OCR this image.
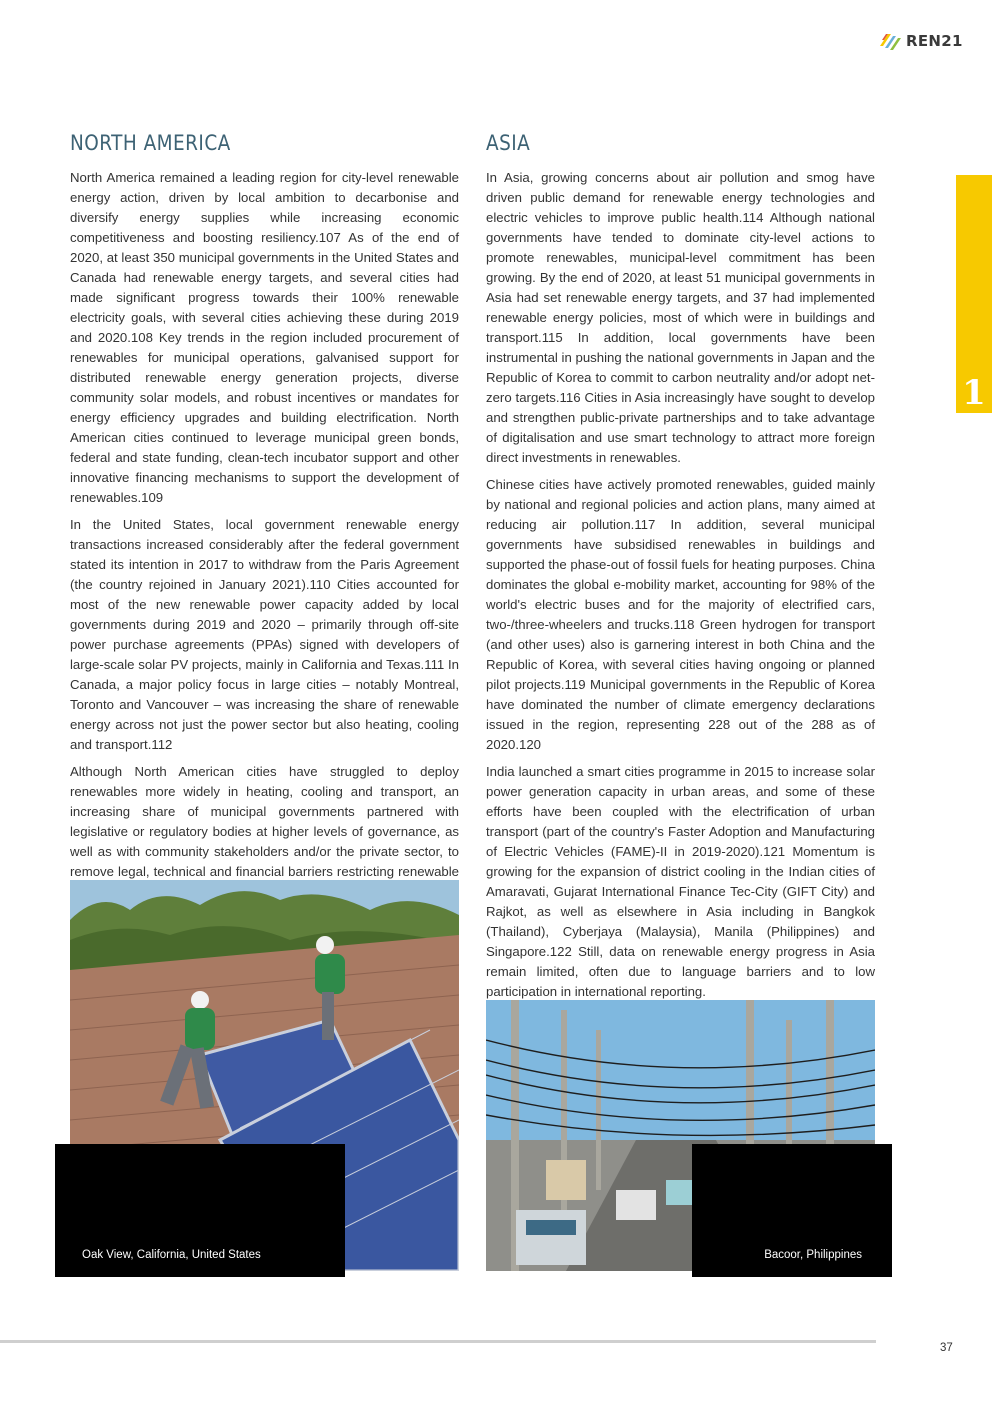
REN21
1
NORTH AMERICA

North America remained a leading region for city-level renewable energy action, driven by local ambition to decarbonise and diversify energy supplies while increasing economic competitiveness and boosting resiliency.107 As of the end of 2020, at least 350 municipal governments in the United States and Canada had renewable energy targets, and several cities had made significant progress towards their 100% renewable electricity goals, with several cities achieving these during 2019 and 2020.108 Key trends in the region included procurement of renewables for municipal operations, galvanised support for distributed renewable energy generation projects, diverse community solar models, and robust incentives or mandates for energy efficiency upgrades and building electrification. North American cities continued to leverage municipal green bonds, federal and state funding, clean-tech incubator support and other innovative financing mechanisms to support the development of renewables.109

In the United States, local government renewable energy transactions increased considerably after the federal government stated its intention in 2017 to withdraw from the Paris Agreement (the country rejoined in January 2021).110 Cities accounted for most of the new renewable power capacity added by local governments during 2019 and 2020 – primarily through off-site power purchase agreements (PPAs) signed with developers of large-scale solar PV projects, mainly in California and Texas.111 In Canada, a major policy focus in large cities – notably Montreal, Toronto and Vancouver – was increasing the share of renewable energy across not just the power sector but also heating, cooling and transport.112

Although North American cities have struggled to deploy renewables more widely in heating, cooling and transport, an increasing share of municipal governments partnered with legislative or regulatory bodies at higher levels of governance, as well as with community stakeholders and/or the private sector, to remove legal, technical and financial barriers restricting renewable

ASIA

In Asia, growing concerns about air pollution and smog have driven public demand for renewable energy technologies and electric vehicles to improve public health.114 Although national governments have tended to dominate city-level actions to promote renewables, municipal-level commitment has been growing. By the end of 2020, at least 51 municipal governments in Asia had set renewable energy targets, and 37 had implemented renewable energy policies, most of which were in buildings and transport.115 In addition, local governments have been instrumental in pushing the national governments in Japan and the Republic of Korea to commit to carbon neutrality and/or adopt net-zero targets.116 Cities in Asia increasingly have sought to develop and strengthen public-private partnerships and to take advantage of digitalisation and use smart technology to attract more foreign direct investments in renewables.

Chinese cities have actively promoted renewables, guided mainly by national and regional policies and action plans, many aimed at reducing air pollution.117 In addition, several municipal governments have subsidised renewables in buildings and supported the phase-out of fossil fuels for heating purposes. China dominates the global e-mobility market, accounting for 98% of the world's electric buses and for the majority of electrified cars, two-/three-wheelers and trucks.118 Green hydrogen for transport (and other uses) also is garnering interest in both China and the Republic of Korea, with several cities having ongoing or planned pilot projects.119 Municipal governments in the Republic of Korea have dominated the number of climate emergency declarations issued in the region, representing 228 out of the 288 as of 2020.120

India launched a smart cities programme in 2015 to increase solar power generation capacity in urban areas, and some of these efforts have been coupled with the electrification of urban transport (part of the country's Faster Adoption and Manufacturing of Electric Vehicles (FAME)-II in 2019-2020).121 Momentum is growing for the expansion of district cooling in the Indian cities of Amaravati, Gujarat International Finance Tec-City (GIFT City) and Rajkot, as well as elsewhere in Asia including in Bangkok (Thailand), Cyberjaya (Malaysia), Manila (Philippines) and Singapore.122 Still, data on renewable energy progress in Asia remain limited, often due to language barriers and to low participation in international reporting.

Oak View, California, United States	Bacoor, Philippines
37
